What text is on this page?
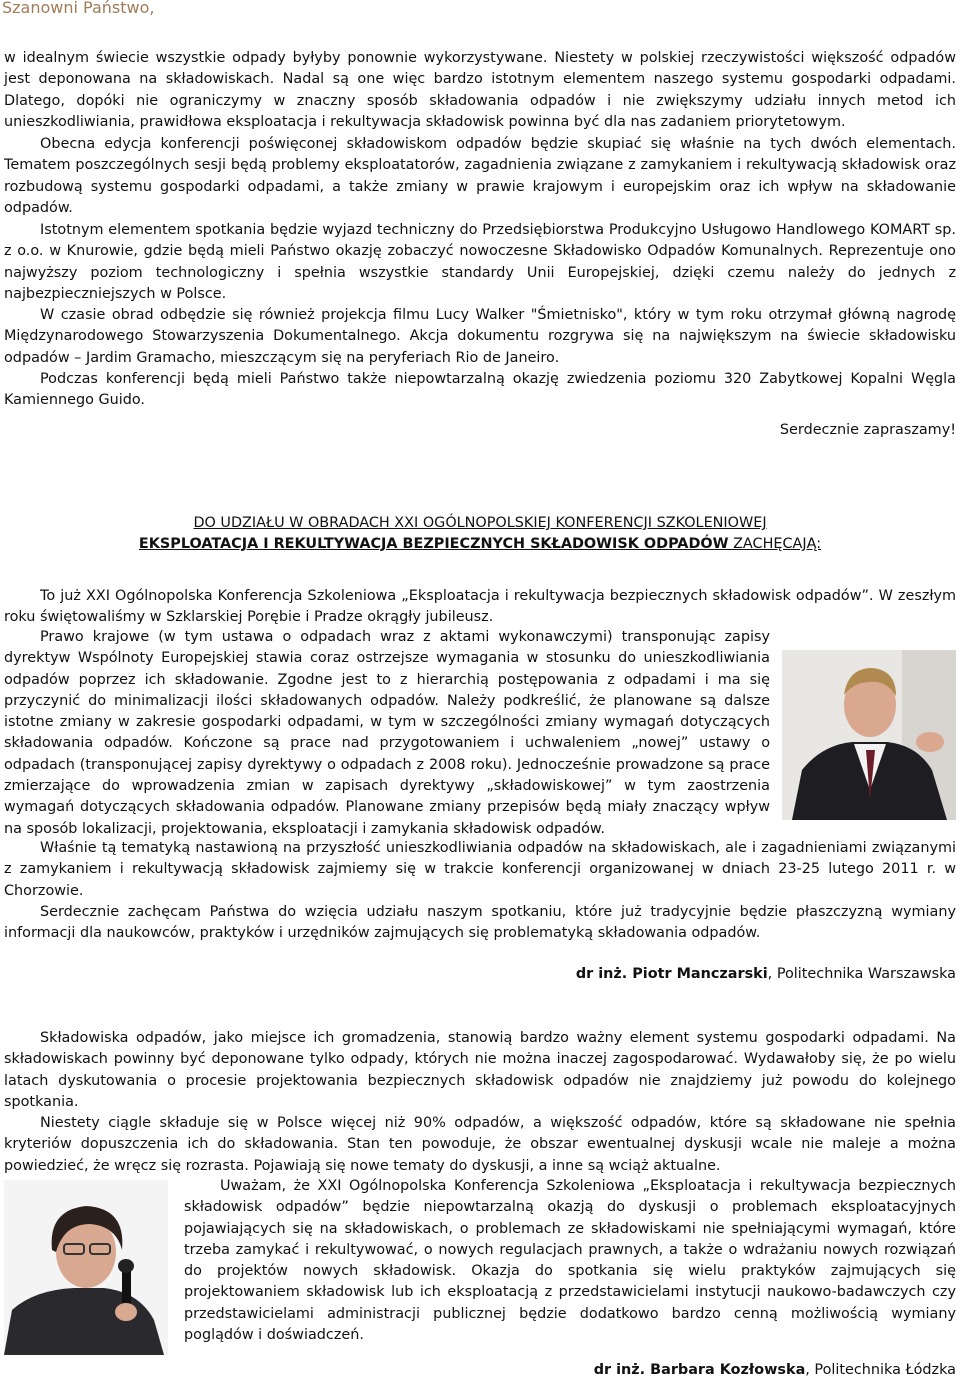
Szanowni Państwo,

w idealnym świecie wszystkie odpady byłyby ponownie wykorzystywane. Niestety w polskiej rzeczywistości większość odpadów jest deponowana na składowiskach. Nadal są one więc bardzo istotnym elementem naszego systemu gospodarki odpadami. Dlatego, dopóki nie ograniczymy w znaczny sposób składowania odpadów i nie zwiększymy udziału innych metod ich unieszkodliwiania, prawidłowa eksploatacja i rekultywacja składowisk powinna być dla nas zadaniem priorytetowym.

Obecna edycja konferencji poświęconej składowiskom odpadów będzie skupiać się właśnie na tych dwóch elementach. Tematem poszczególnych sesji będą problemy eksploatatorów, zagadnienia związane z zamykaniem i rekultywacją składowisk oraz rozbudową systemu gospodarki odpadami, a także zmiany w prawie krajowym i europejskim oraz ich wpływ na składowanie odpadów.

Istotnym elementem spotkania będzie wyjazd techniczny do Przedsiębiorstwa Produkcyjno Usługowo Handlowego KOMART sp. z o.o. w Knurowie, gdzie będą mieli Państwo okazję zobaczyć nowoczesne Składowisko Odpadów Komunalnych. Reprezentuje ono najwyższy poziom technologiczny i spełnia wszystkie standardy Unii Europejskiej, dzięki czemu należy do jednych z najbezpieczniejszych w Polsce.

W czasie obrad odbędzie się również projekcja filmu Lucy Walker "Śmietnisko", który w tym roku otrzymał główną nagrodę Międzynarodowego Stowarzyszenia Dokumentalnego. Akcja dokumentu rozgrywa się na największym na świecie składowisku odpadów – Jardim Gramacho, mieszczącym się na peryferiach Rio de Janeiro.

Podczas konferencji będą mieli Państwo także niepowtarzalną okazję zwiedzenia poziomu 320 Zabytkowej Kopalni Węgla Kamiennego Guido.

Serdecznie zapraszamy!

DO UDZIAŁU W OBRADACH XXI OGÓLNOPOLSKIEJ KONFERENCJI SZKOLENIOWEJ

EKSPLOATACJA I REKULTYWACJA BEZPIECZNYCH SKŁADOWISK ODPADÓW ZACHĘCAJĄ:

To już XXI Ogólnopolska Konferencja Szkoleniowa „Eksploatacja i rekultywacja bezpiecznych składowisk odpadów”. W zeszłym roku świętowaliśmy w Szklarskiej Porębie i Pradze okrągły jubileusz.

Prawo krajowe (w tym ustawa o odpadach wraz z aktami wykonawczymi) transponując zapisy dyrektyw Wspólnoty Europejskiej stawia coraz ostrzejsze wymagania w stosunku do unieszkodliwiania odpadów poprzez ich składowanie. Zgodne jest to z hierarchią postępowania z odpadami i ma się przyczynić do minimalizacji ilości składowanych odpadów. Należy podkreślić, że planowane są dalsze istotne zmiany w zakresie gospodarki odpadami, w tym w szczególności zmiany wymagań dotyczących składowania odpadów. Kończone są prace nad przygotowaniem i uchwaleniem „nowej” ustawy o odpadach (transponującej zapisy dyrektywy o odpadach z 2008 roku). Jednocześnie prowadzone są prace zmierzające do wprowadzenia zmian w zapisach dyrektywy „składowiskowej” w tym zaostrzenia wymagań dotyczących składowania odpadów. Planowane zmiany przepisów będą miały znaczący wpływ na sposób lokalizacji, projektowania, eksploatacji i zamykania składowisk odpadów.

Właśnie tą tematyką nastawioną na przyszłość unieszkodliwiania odpadów na składowiskach, ale i zagadnieniami związanymi z zamykaniem i rekultywacją składowisk zajmiemy się w trakcie konferencji organizowanej w dniach 23-25 lutego 2011 r. w Chorzowie.

Serdecznie zachęcam Państwa do wzięcia udziału naszym spotkaniu, które już tradycyjnie będzie płaszczyzną wymiany informacji dla naukowców, praktyków i urzędników zajmujących się problematyką składowania odpadów.

dr inż. Piotr Manczarski, Politechnika Warszawska

Składowiska odpadów, jako miejsce ich gromadzenia, stanowią bardzo ważny element systemu gospodarki odpadami. Na składowiskach powinny być deponowane tylko odpady, których nie można inaczej zagospodarować. Wydawałoby się, że po wielu latach dyskutowania o procesie projektowania bezpiecznych składowisk odpadów nie znajdziemy już powodu do kolejnego spotkania.

Niestety ciągle składuje się w Polsce więcej niż 90% odpadów, a większość odpadów, które są składowane nie spełnia kryteriów dopuszczenia ich do składowania. Stan ten powoduje, że obszar ewentualnej dyskusji wcale nie maleje a można powiedzieć, że wręcz się rozrasta. Pojawiają się nowe tematy do dyskusji, a inne są wciąż aktualne.

Uważam, że XXI Ogólnopolska Konferencja Szkoleniowa „Eksploatacja i rekultywacja bezpiecznych składowisk odpadów” będzie niepowtarzalną okazją do dyskusji o problemach eksploatacyjnych pojawiających się na składowiskach, o problemach ze składowiskami nie spełniającymi wymagań, które trzeba zamykać i rekultywować, o nowych regulacjach prawnych, a także o wdrażaniu nowych rozwiązań do projektów nowych składowisk. Okazja do spotkania się wielu praktyków zajmujących się projektowaniem składowisk lub ich eksploatacją z przedstawicielami instytucji naukowo-badawczych czy przedstawicielami administracji publicznej będzie dodatkowo bardzo cenną możliwością wymiany poglądów i doświadczeń.

dr inż. Barbara Kozłowska, Politechnika Łódzka
